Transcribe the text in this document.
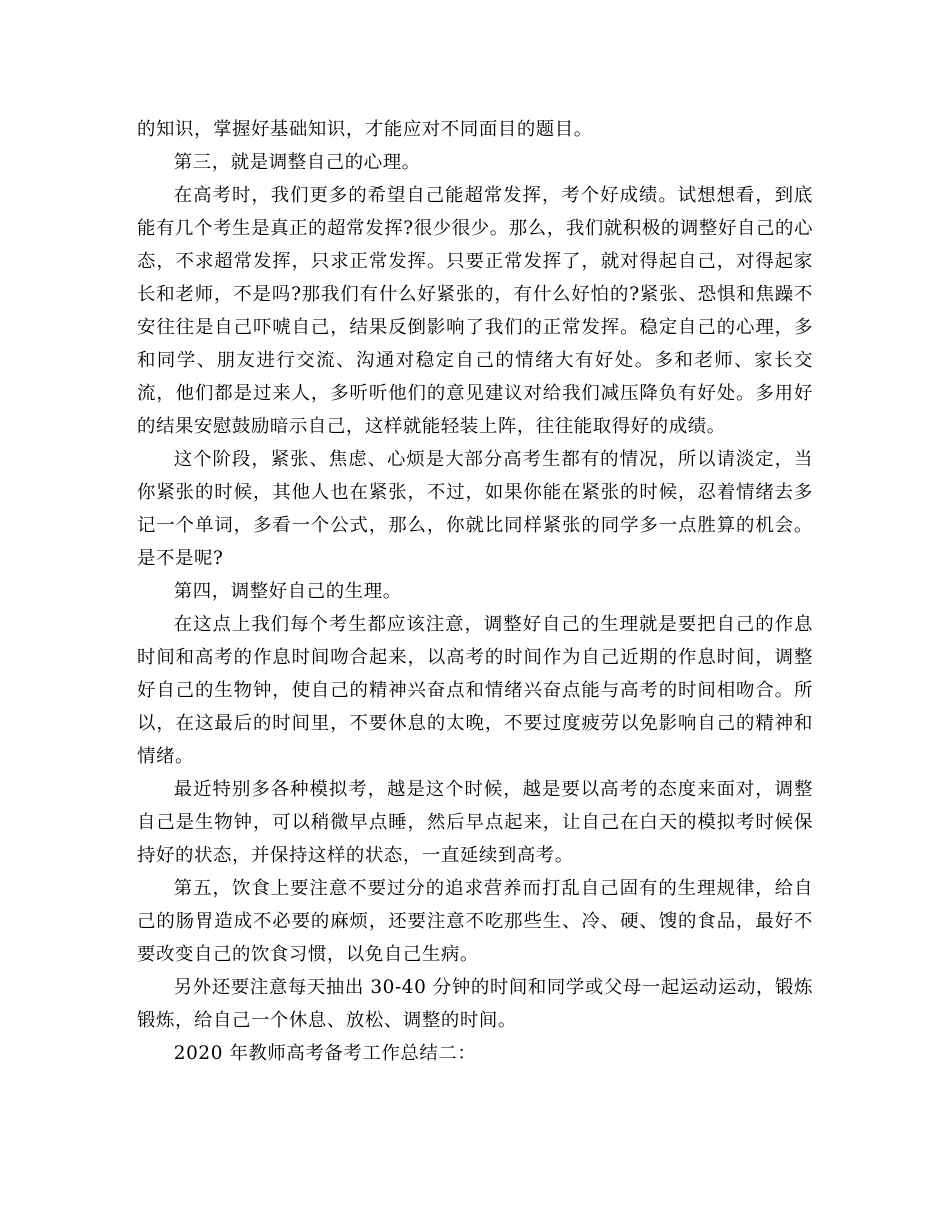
的知识，掌握好基础知识，才能应对不同面目的题目。

第三，就是调整自己的心理。

在高考时，我们更多的希望自己能超常发挥，考个好成绩。试想想看，到底能有几个考生是真正的超常发挥?很少很少。那么，我们就积极的调整好自己的心态，不求超常发挥，只求正常发挥。只要正常发挥了，就对得起自己，对得起家长和老师，不是吗?那我们有什么好紧张的，有什么好怕的?紧张、恐惧和焦躁不安往往是自己吓唬自己，结果反倒影响了我们的正常发挥。稳定自己的心理，多和同学、朋友进行交流、沟通对稳定自己的情绪大有好处。多和老师、家长交流，他们都是过来人，多听听他们的意见建议对给我们减压降负有好处。多用好的结果安慰鼓励暗示自己，这样就能轻装上阵，往往能取得好的成绩。

这个阶段，紧张、焦虑、心烦是大部分高考生都有的情况，所以请淡定，当你紧张的时候，其他人也在紧张，不过，如果你能在紧张的时候，忍着情绪去多记一个单词，多看一个公式，那么，你就比同样紧张的同学多一点胜算的机会。是不是呢?

第四，调整好自己的生理。

在这点上我们每个考生都应该注意，调整好自己的生理就是要把自己的作息时间和高考的作息时间吻合起来，以高考的时间作为自己近期的作息时间，调整好自己的生物钟，使自己的精神兴奋点和情绪兴奋点能与高考的时间相吻合。所以，在这最后的时间里，不要休息的太晚，不要过度疲劳以免影响自己的精神和情绪。

最近特别多各种模拟考，越是这个时候，越是要以高考的态度来面对，调整自己是生物钟，可以稍微早点睡，然后早点起来，让自己在白天的模拟考时候保持好的状态，并保持这样的状态，一直延续到高考。

第五，饮食上要注意不要过分的追求营养而打乱自己固有的生理规律，给自己的肠胃造成不必要的麻烦，还要注意不吃那些生、冷、硬、馊的食品，最好不要改变自己的饮食习惯，以免自己生病。

另外还要注意每天抽出 30-40 分钟的时间和同学或父母一起运动运动，锻炼锻炼，给自己一个休息、放松、调整的时间。

2020 年教师高考备考工作总结二：
